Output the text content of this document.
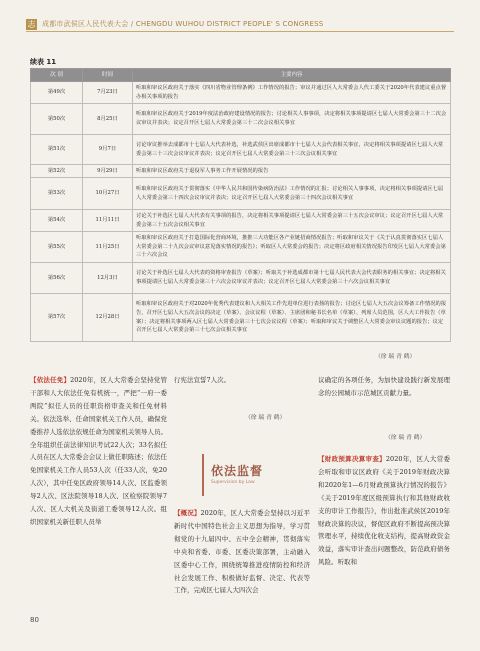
志 成都市武侯区人民代表大会 / CHENGDU WUHOU DISTRICT PEOPLE' S CONGRESS
续表 11
次 别	时间	主要内容
第49次	7月23日	听取和审议区政府关于落实《四川省物业管理条例》工作情况的报告；审议并通过区人大常委会人代工委关于2020年代表建议重点督办相关事项的报告
第50次	8月25日	听取和审议区政府关于2019年度法治政府建设情况的报告；讨论相关人事事项，决定将相关事项提请区七届人大常委会第三十二次会议审议并表决；议定召开区七届人大常委会第三十二次会议相关事宜
第51次	9月7日	讨论审议推举去成都市十七届人大代表补选，补选武侯区出席成都市十七届人大会代表相关事宜，决定将相关事项提请区七届人大常委会第三十三次会议审议并表决；议定召开区七届人大常委会第三十三次会议相关事宜
第52次	9月29日	听取和审议区政府关于退役军人事务工作开展情况的报告
第53次	10月27日	听取和审议区政府关于贯彻落实《中华人民共和国传染病防治法》工作情况的汇报；讨论相关人事事项，决定将相关事项提请区七届人大常委会第三十四次会议审议并表决；议定召开区七届人大常委会第三十四次会议相关事宜
第54次	11月11日	讨论关于补选区七届人大代表有关事项的报告，决定将相关事项提请区七届人大常委会第三十五次会议审议；议定召开区七届人大常委会第三十五次会议相关事宜
第55次	11月25日	听取和审议区政府关于打造国际化营商环境，推推三大功能区各产业链招商情况报告；听取和审议关于《关于认真贯彻落实区七届人大常委会第二十九次会议审议意见落实情况的报告》；听取区人大常委会的报告；决定将区政府相关情况报告印发区七届人大常委会第三十六次会议
第56次	12月3日	讨论关于补选区七届人大代表的资格审查报告（草案）；听取关于补选成都市第十七届人民代表大会代表职务的相关事宜；决定将相关事项提请区七届人大常委会第三十六次会议审议并表决；议定召开区七届人大常委会第三十六次会议相关事宜
第57次	12月28日	听取和审议区政府关于对2020年优秀代表建议和人大相关工作先进单位进行表扬的报告；讨论区七届人大五次会议筹备工作情况的报告，召开区七届人大五次会议的决定（草案）、会议议程（草案）、主席团和秘书长名单（草案）、列席人员范围，区人大工作报告（草案）；决定将相关事项两入区七届人大常委会第三十七次会议议程（草案）；听取和审议关于调整区人大常委会审议议题的报告；议定召开区七届人大常委会第三十七次会议相关事宜
（徐 瑞 青 鹤）
【依法任免】2020年，区人大常委会坚持党管干部和人大依法任免有机统一，严把“一府一委两院”拟任人员的任职资格审查关和任免材料关。依法选举、任命国家机关工作人员，确保党委推荐人选依法依规任命为国家机关领导人员。全年组织任前法律知识考试22人次；33名拟任人员在区人大常委会会议上做任职陈述；依法任免国家机关工作人员53人次（任33人次，免20人次），其中任免区政府领导14人次、区监委领导2人次、区法院领导18人次、区检察院领导7人次、区人大机关及街道工委领导12人次。组织国家机关新任职人员举
行宪法宣誓7人次。
（徐 瑞 青 鹤）
依法监督
Supervision by Law
【概况】2020年，区人大常委会坚持以习近平新时代中国特色社会主义思想为指导，学习贯彻党的十九届四中、五中全会精神，贯彻落实中央和省委、市委、区委决策部署，主动融入区委中心工作，围绕统筹推进疫情防控和经济社会发展工作、积极做好监督、决定、代表等工作，完成区七届人大四次会
议确定的各项任务，为加快建设践行新发展理念的公园城市示范城区贡献力量。
（徐 瑞 青 鹤）
【财政预算决算审查】2020年，区人大常委会听取和审议区政府《关于2019年财政决算和2020年1—6月财政预算执行情况的报告》《关于2019年度区级预算执行和其他财政收支的审计工作报告》，作出批准武侯区2019年财政决算的决议，督促区政府不断提高预决算管理水平，持续优化收支结构，提高财政资金效益，落实审计查出问题整改，防范政府债务风险。听取和
80
